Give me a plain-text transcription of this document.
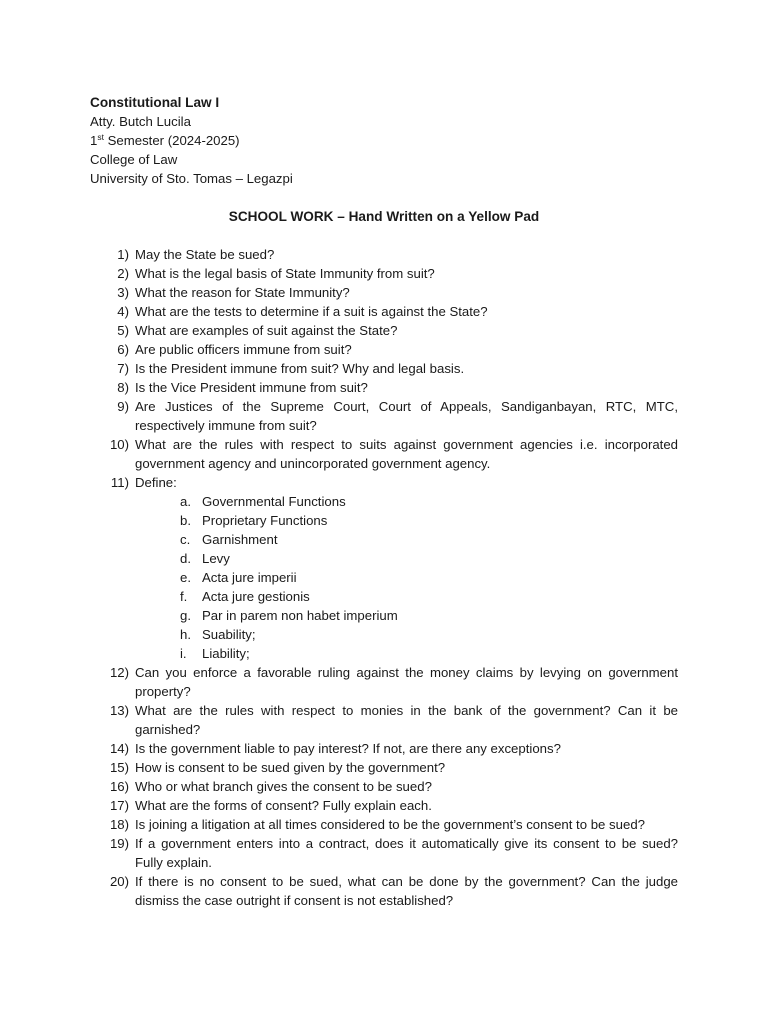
Constitutional Law I
Atty. Butch Lucila
1st Semester (2024-2025)
College of Law
University of Sto. Tomas – Legazpi
SCHOOL WORK – Hand Written on a Yellow Pad
1) May the State be sued?
2) What is the legal basis of State Immunity from suit?
3) What the reason for State Immunity?
4) What are the tests to determine if a suit is against the State?
5) What are examples of suit against the State?
6) Are public officers immune from suit?
7) Is the President immune from suit? Why and legal basis.
8) Is the Vice President immune from suit?
9) Are Justices of the Supreme Court, Court of Appeals, Sandiganbayan, RTC, MTC, respectively immune from suit?
10) What are the rules with respect to suits against government agencies i.e. incorporated government agency and unincorporated government agency.
11) Define:
a. Governmental Functions
b. Proprietary Functions
c. Garnishment
d. Levy
e. Acta jure imperii
f.	Acta jure gestionis
g. Par in parem non habet imperium
h. Suability;
i.	Liability;
12) Can you enforce a favorable ruling against the money claims by levying on government property?
13) What are the rules with respect to monies in the bank of the government? Can it be garnished?
14) Is the government liable to pay interest? If not, are there any exceptions?
15) How is consent to be sued given by the government?
16) Who or what branch gives the consent to be sued?
17) What are the forms of consent? Fully explain each.
18) Is joining a litigation at all times considered to be the government’s consent to be sued?
19) If a government enters into a contract, does it automatically give its consent to be sued? Fully explain.
20) If there is no consent to be sued, what can be done by the government? Can the judge dismiss the case outright if consent is not established?
